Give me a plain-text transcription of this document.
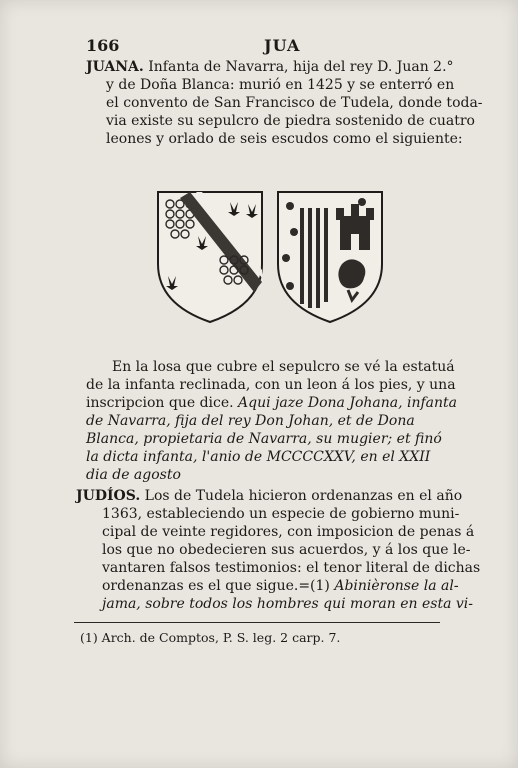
166	JUA
JUANA. Infanta de Navarra, hija del rey D. Juan 2.°
y de Doña Blanca: murió en 1425 y se enterró en
el convento de San Francisco de Tudela, donde toda-
via existe su sepulcro de piedra sostenido de cuatro
leones y orlado de seis escudos como el siguiente:
En la losa que cubre el sepulcro se vé la estatuá
de la infanta reclinada, con un leon á los pies, y una
inscripcion que dice. Aqui jaze Dona Johana, infanta
de Navarra, fija del rey Don Johan, et de Dona
Blanca, propietaria de Navarra, su mugier; et finó
la dicta infanta, l'anio de MCCCCXXV, en el XXII
dia de agosto
JUDÍOS. Los de Tudela hicieron ordenanzas en el año
1363, estableciendo un especie de gobierno muni-
cipal de veinte regidores, con imposicion de penas á
los que no obedecieren sus acuerdos, y á los que le-
vantaren falsos testimonios: el tenor literal de dichas
ordenanzas es el que sigue.=(1) Abinièronse la al-
jama, sobre todos los hombres qui moran en esta vi-
(1) Arch. de Comptos, P. S. leg. 2 carp. 7.
